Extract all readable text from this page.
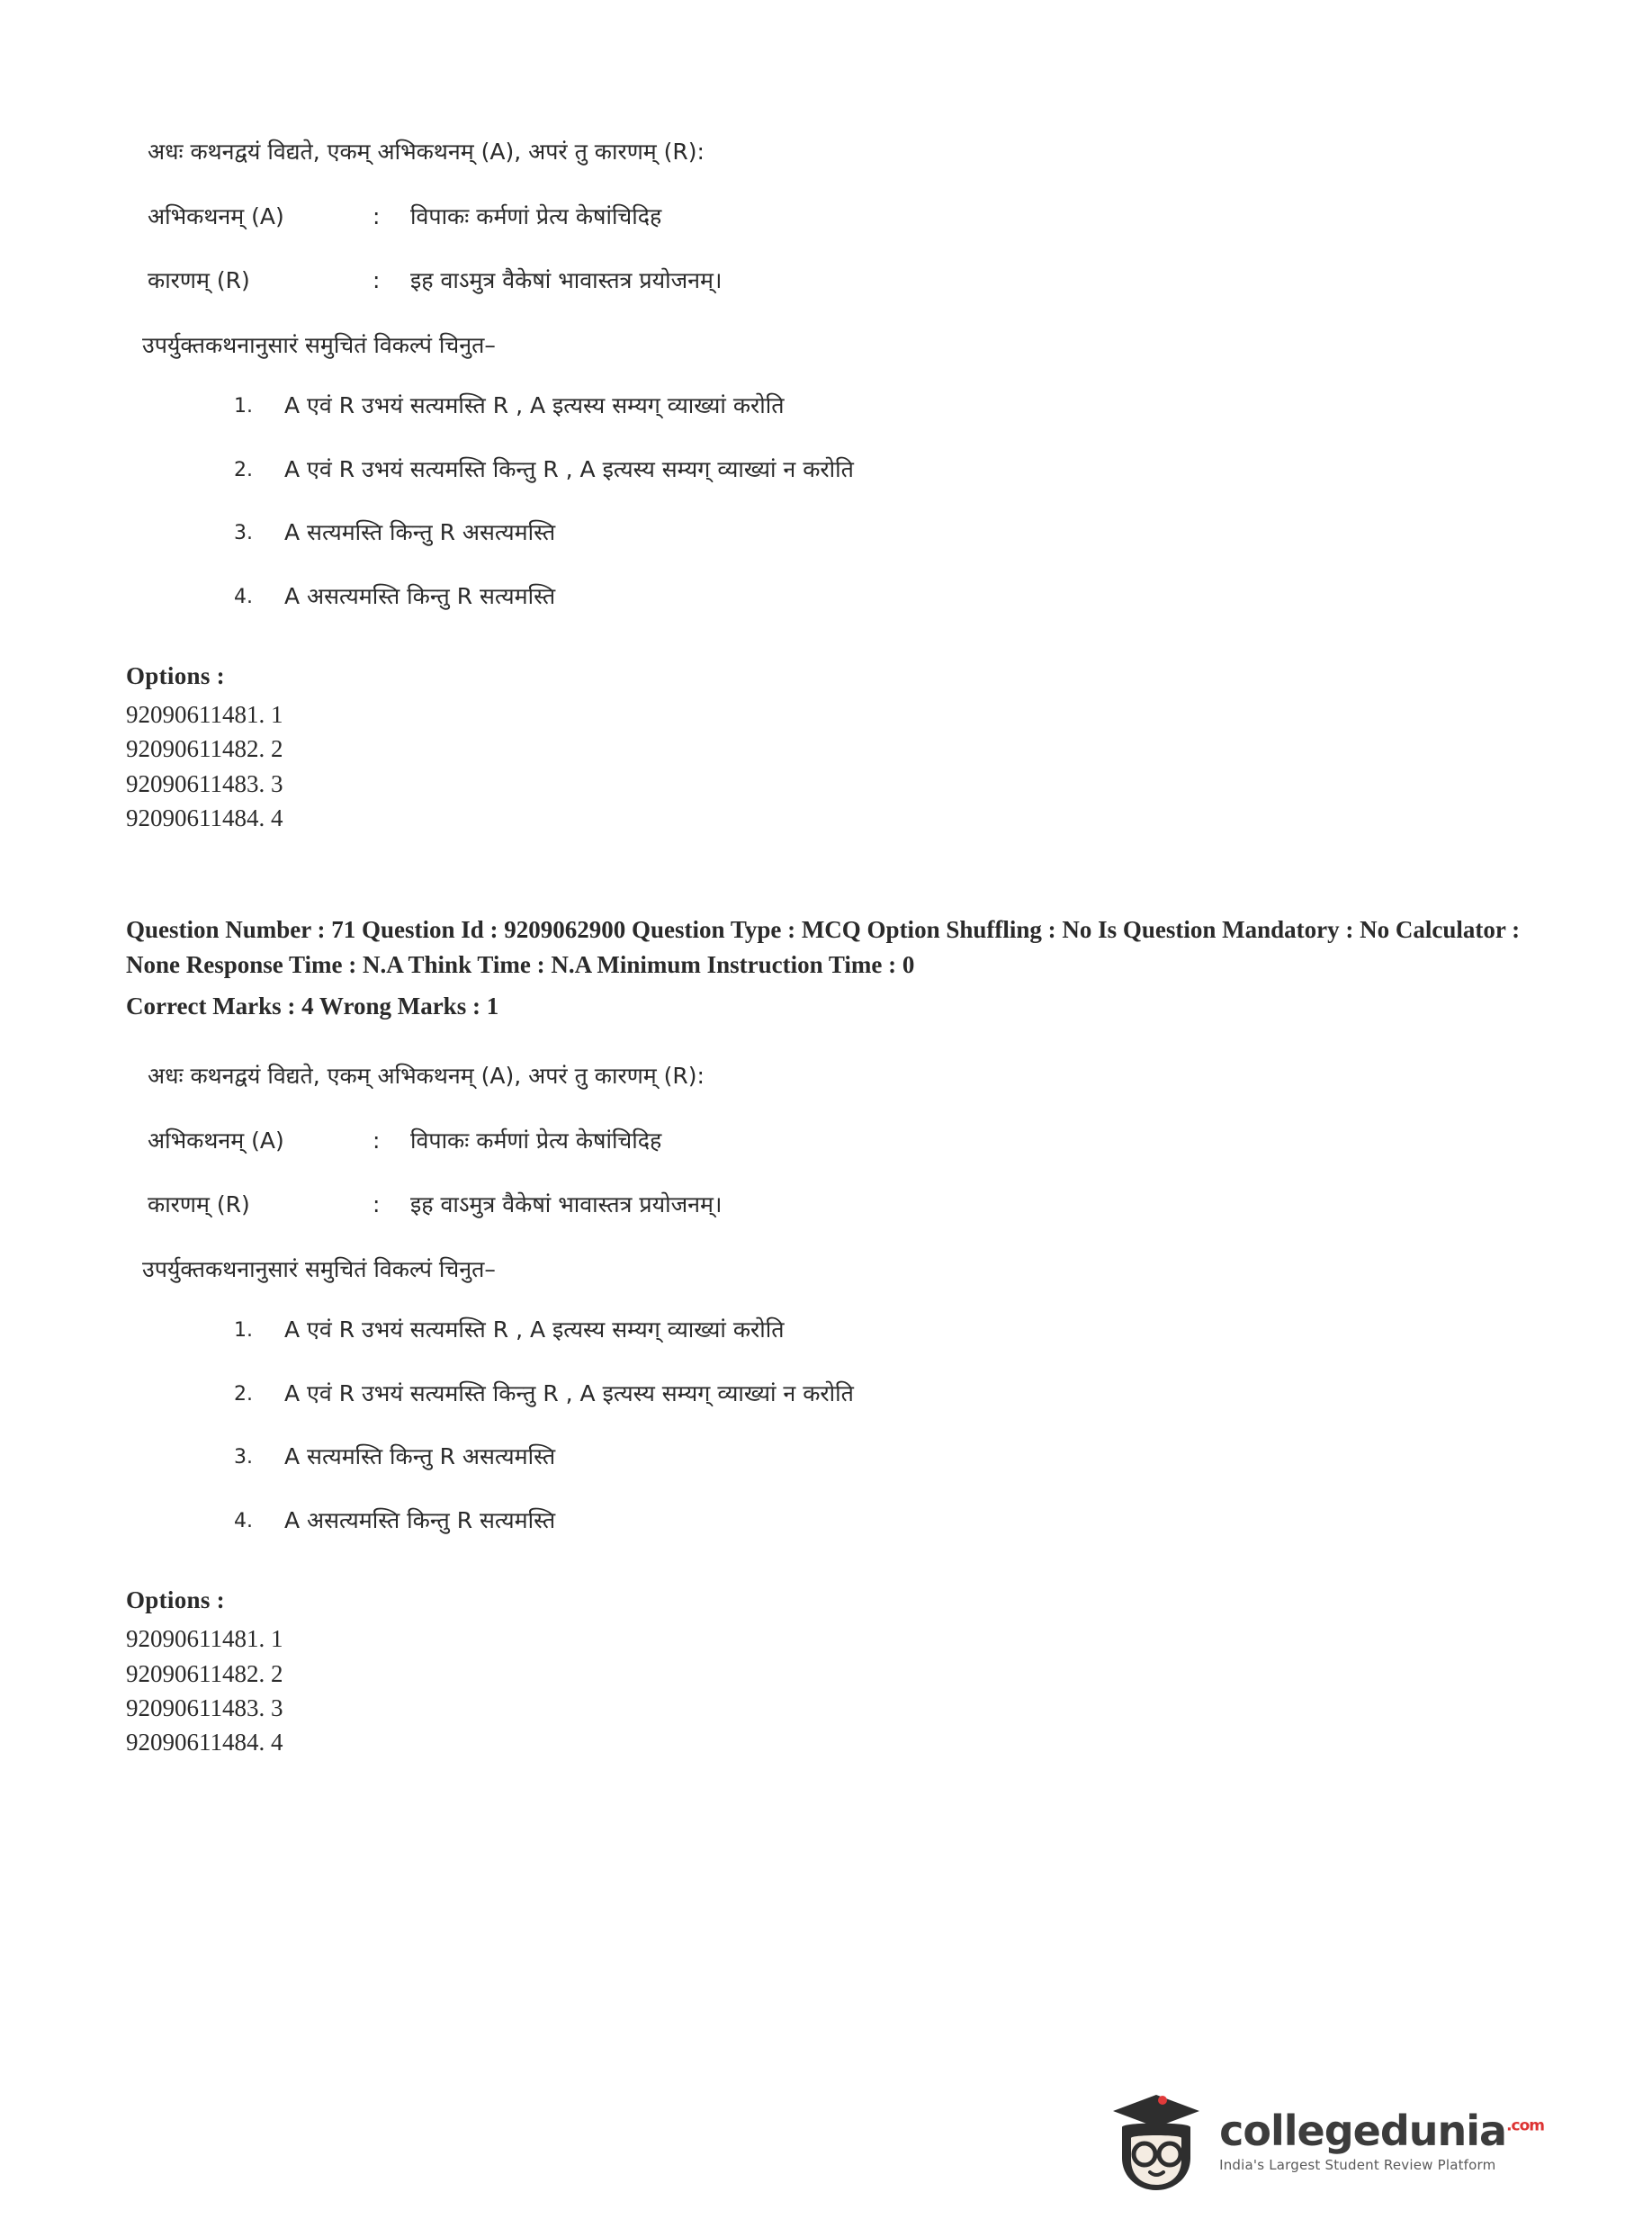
अधः कथनद्वयं विद्यते, एकम् अभिकथनम् (A), अपरं तु कारणम् (R):

अभिकथनम् (A)	:	विपाकः कर्मणां प्रेत्य केषांचिदिह
कारणम् (R)	:	इह वाऽमुत्र वैकेषां भावास्तत्र प्रयोजनम्।

उपर्युक्तकथनानुसारं समुचितं विकल्पं चिनुत–

1.	A एवं R उभयं सत्यमस्ति R , A इत्यस्य सम्यग् व्याख्यां करोति
2.	A एवं R उभयं सत्यमस्ति किन्तु R , A इत्यस्य सम्यग् व्याख्यां न करोति
3.	A सत्यमस्ति किन्तु R असत्यमस्ति
4.	A असत्यमस्ति किन्तु R सत्यमस्ति

Options :

92090611481. 1

92090611482. 2

92090611483. 3

92090611484. 4

Question Number : 71 Question Id : 9209062900 Question Type : MCQ Option Shuffling : No Is Question Mandatory : No Calculator : None Response Time : N.A Think Time : N.A Minimum Instruction Time : 0

Correct Marks : 4 Wrong Marks : 1

अधः कथनद्वयं विद्यते, एकम् अभिकथनम् (A), अपरं तु कारणम् (R):

अभिकथनम् (A)	:	विपाकः कर्मणां प्रेत्य केषांचिदिह
कारणम् (R)	:	इह वाऽमुत्र वैकेषां भावास्तत्र प्रयोजनम्।

उपर्युक्तकथनानुसारं समुचितं विकल्पं चिनुत–

1.	A एवं R उभयं सत्यमस्ति R , A इत्यस्य सम्यग् व्याख्यां करोति
2.	A एवं R उभयं सत्यमस्ति किन्तु R , A इत्यस्य सम्यग् व्याख्यां न करोति
3.	A सत्यमस्ति किन्तु R असत्यमस्ति
4.	A असत्यमस्ति किन्तु R सत्यमस्ति

Options :

92090611481. 1

92090611482. 2

92090611483. 3

92090611484. 4

collegedunia$^{.com}$
India's Largest Student Review Platform
